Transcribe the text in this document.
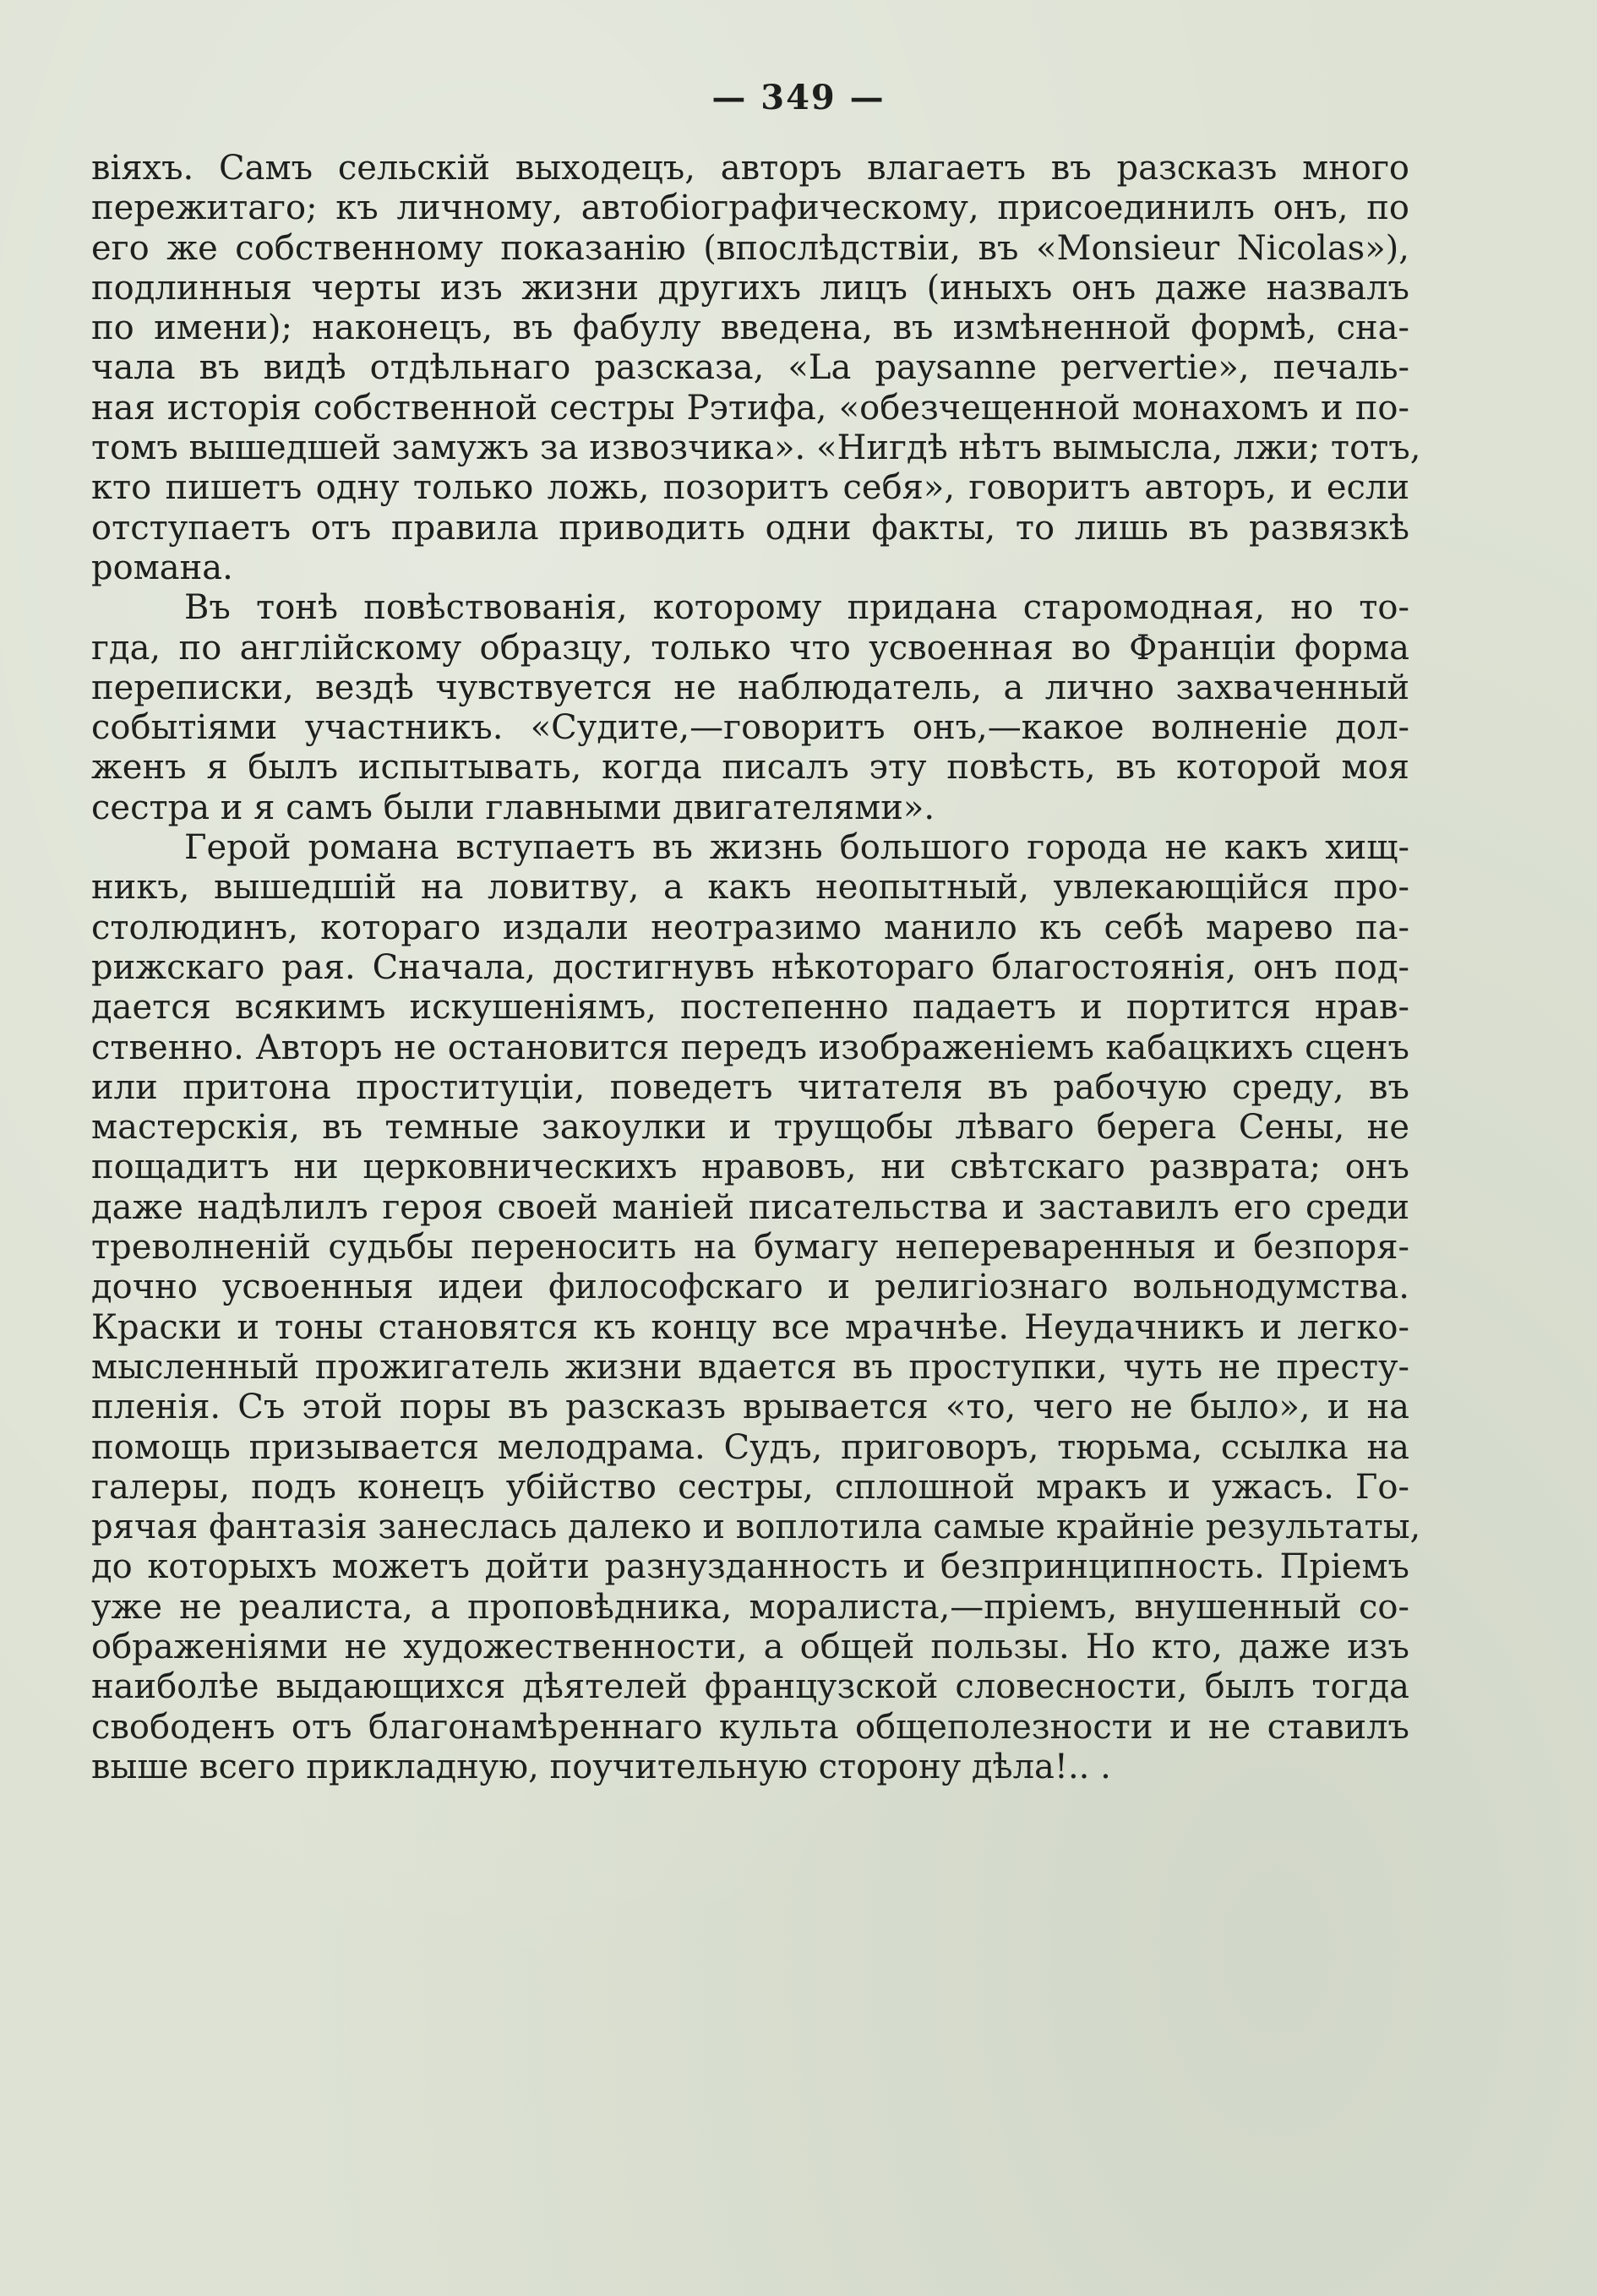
— 349 —
віяхъ. Самъ сельскій выходецъ, авторъ влагаетъ въ разсказъ много
пережитаго; къ личному, автобіографическому, присоединилъ онъ, по
его же собственному показанію (впослѣдствіи, въ «Monsieur Nicolas»),
подлинныя черты изъ жизни другихъ лицъ (иныхъ онъ даже назвалъ
по имени); наконецъ, въ фабулу введена, въ измѣненной формѣ, сна-
чала въ видѣ отдѣльнаго разсказа, «La paysanne pervertie», печаль-
ная исторія собственной сестры Рэтифа, «обезчещенной монахомъ и по-
томъ вышедшей замужъ за извозчика». «Нигдѣ нѣтъ вымысла, лжи; тотъ,
кто пишетъ одну только ложь, позоритъ себя», говоритъ авторъ, и если
отступаетъ отъ правила приводить одни факты, то лишь въ развязкѣ
романа.
Въ тонѣ повѣствованія, которому придана старомодная, но то-
гда, по англійскому образцу, только что усвоенная во Франціи форма
переписки, вездѣ чувствуется не наблюдатель, а лично захваченный
событіями участникъ. «Судите,—говоритъ онъ,—какое волненіе дол-
женъ я былъ испытывать, когда писалъ эту повѣсть, въ которой моя
сестра и я самъ были главными двигателями».
Герой романа вступаетъ въ жизнь большого города не какъ хищ-
никъ, вышедшій на ловитву, а какъ неопытный, увлекающійся про-
столюдинъ, котораго издали неотразимо манило къ себѣ марево па-
рижскаго рая. Сначала, достигнувъ нѣкотораго благостоянія, онъ под-
дается всякимъ искушеніямъ, постепенно падаетъ и портится нрав-
ственно. Авторъ не остановится передъ изображеніемъ кабацкихъ сценъ
или притона проституціи, поведетъ читателя въ рабочую среду, въ
мастерскія, въ темные закоулки и трущобы лѣваго берега Сены, не
пощадитъ ни церковническихъ нравовъ, ни свѣтскаго разврата; онъ
даже надѣлилъ героя своей маніей писательства и заставилъ его среди
треволненій судьбы переносить на бумагу непереваренныя и безпоря-
дочно усвоенныя идеи философскаго и религіознаго вольнодумства.
Краски и тоны становятся къ концу все мрачнѣе. Неудачникъ и легко-
мысленный прожигатель жизни вдается въ проступки, чуть не престу-
пленія. Съ этой поры въ разсказъ врывается «то, чего не было», и на
помощь призывается мелодрама. Судъ, приговоръ, тюрьма, ссылка на
галеры, подъ конецъ убійство сестры, сплошной мракъ и ужасъ. Го-
рячая фантазія занеслась далеко и воплотила самые крайніе результаты,
до которыхъ можетъ дойти разнузданность и безпринципность. Пріемъ
уже не реалиста, а проповѣдника, моралиста,—пріемъ, внушенный со-
ображеніями не художественности, а общей пользы. Но кто, даже изъ
наиболѣе выдающихся дѣятелей французской словесности, былъ тогда
свободенъ отъ благонамѣреннаго культа общеполезности и не ставилъ
выше всего прикладную, поучительную сторону дѣла!.. .
